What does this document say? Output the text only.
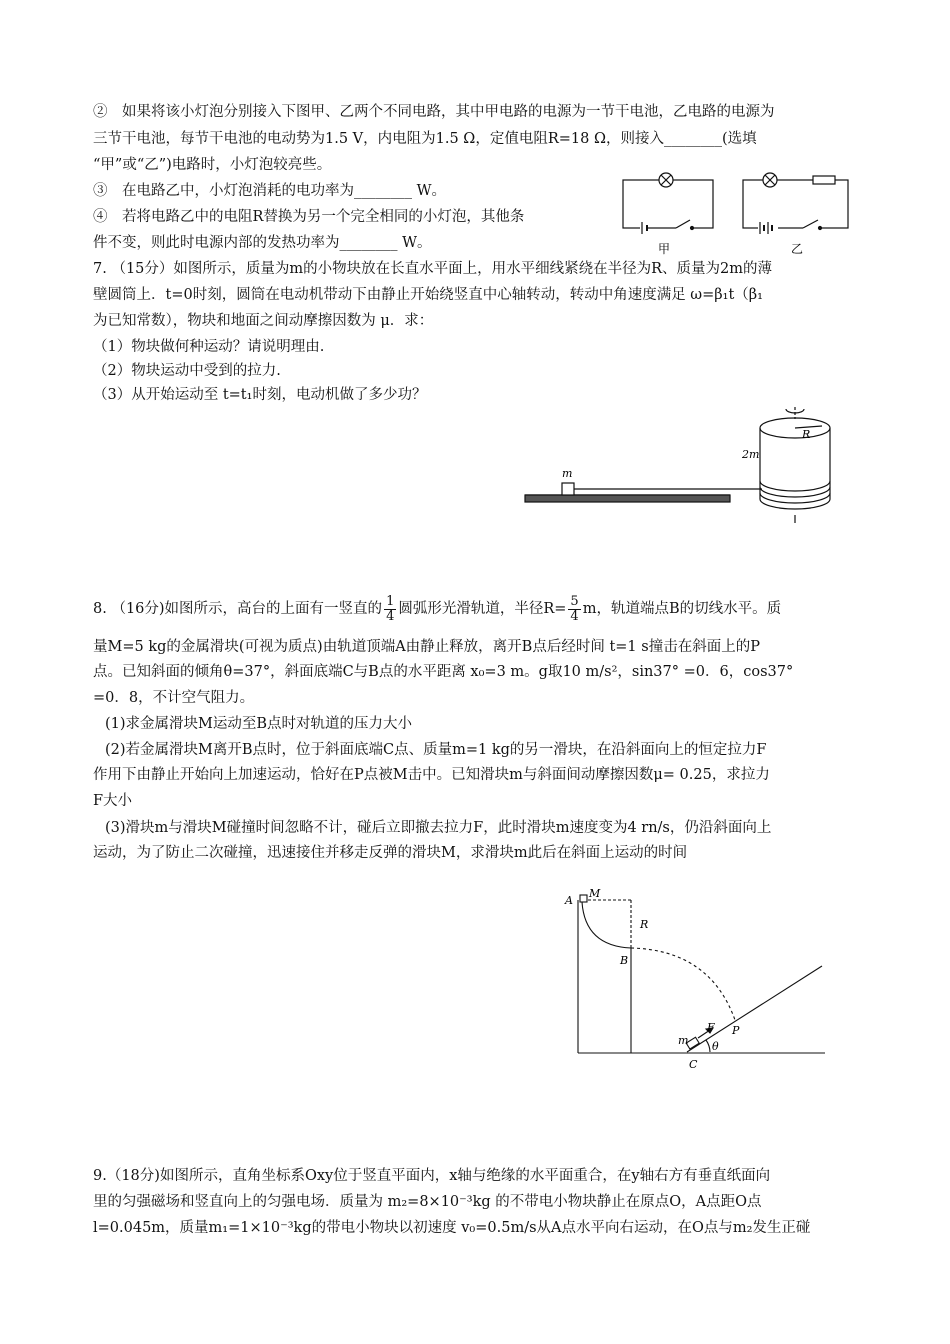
②　如果将该小灯泡分别接入下图甲、乙两个不同电路，其中甲电路的电源为一节干电池，乙电路的电源为
三节干电池，每节干电池的电动势为1.5 V，内电阻为1.5 Ω，定值电阻R=18 Ω，则接入________(选填
“甲”或“乙”)电路时，小灯泡较亮些。
③　在电路乙中，小灯泡消耗的电功率为________ W。
④　若将电路乙中的电阻R替换为另一个完全相同的小灯泡，其他条
件不变，则此时电源内部的发热功率为________ W。	甲	乙
7. （15分）如图所示，质量为m的小物块放在长直水平面上，用水平细线紧绕在半径为R、质量为2m的薄
壁圆筒上．t=0时刻，圆筒在电动机带动下由静止开始绕竖直中心轴转动，转动中角速度满足 ω=β₁t（β₁
为已知常数），物块和地面之间动摩擦因数为 μ．求：
（1）物块做何种运动？请说明理由.
（2）物块运动中受到的拉力.
（3）从开始运动至 t=t₁时刻，电动机做了多少功？
m
2m
R
8. （16分)如图所示，高台的上面有一竖直的 $\frac{1}{4}$ 圆弧形光滑轨道，半径$R= \frac{5}{4}$ m，轨道端点B的切线水平。质
量M=5 kg的金属滑块(可视为质点)由轨道顶端A由静止释放，离开B点后经时间 t=1 s撞击在斜面上的P
点。已知斜面的倾角θ=37°，斜面底端C与B点的水平距离 x₀=3 m。g取10 m/s²，sin37° =0．6，cos37°
=0．8，不计空气阻力。
(1)求金属滑块M运动至B点时对轨道的压力大小
(2)若金属滑块M离开B点时，位于斜面底端C点、质量m=1 kg的另一滑块，在沿斜面向上的恒定拉力F
作用下由静止开始向上加速运动，恰好在P点被M击中。已知滑块m与斜面间动摩擦因数μ= 0.25，求拉力
F大小
(3)滑块m与滑块M碰撞时间忽略不计，碰后立即撤去拉力F，此时滑块m速度变为4 rn/s，仍沿斜面向上
运动，为了防止二次碰撞，迅速接住并移走反弹的滑块M，求滑块m此后在斜面上运动的时间
A
M
R
B
m
F P
C
θ
9.（18分)如图所示，直角坐标系Oxy位于竖直平面内，x轴与绝缘的水平面重合，在y轴右方有垂直纸面向
里的匀强磁场和竖直向上的匀强电场．质量为 m₂=8×10⁻³kg 的不带电小物块静止在原点O，A点距O点
l=0.045m，质量m₁=1×10⁻³kg的带电小物块以初速度 v₀=0.5m/s从A点水平向右运动，在O点与m₂发生正碰
